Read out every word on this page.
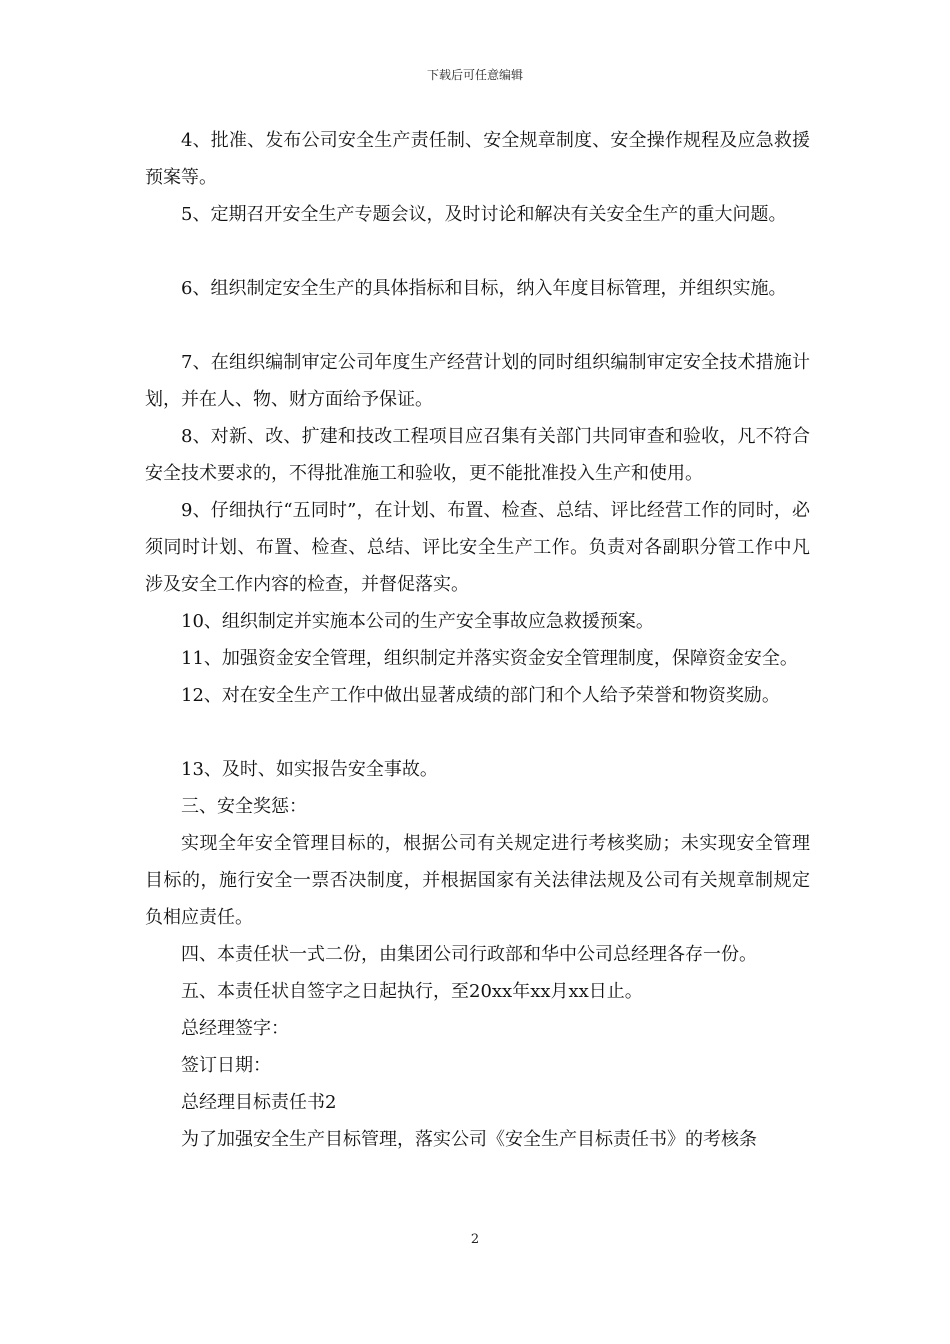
下载后可任意编辑

4、批准、发布公司安全生产责任制、安全规章制度、安全操作规程及应急救援预案等。

5、定期召开安全生产专题会议，及时讨论和解决有关安全生产的重大问题。

6、组织制定安全生产的具体指标和目标，纳入年度目标管理，并组织实施。

7、在组织编制审定公司年度生产经营计划的同时组织编制审定安全技术措施计划，并在人、物、财方面给予保证。

8、对新、改、扩建和技改工程项目应召集有关部门共同审查和验收，凡不符合安全技术要求的，不得批准施工和验收，更不能批准投入生产和使用。

9、仔细执行“五同时”，在计划、布置、检查、总结、评比经营工作的同时，必须同时计划、布置、检查、总结、评比安全生产工作。负责对各副职分管工作中凡涉及安全工作内容的检查，并督促落实。

10、组织制定并实施本公司的生产安全事故应急救援预案。

11、加强资金安全管理，组织制定并落实资金安全管理制度，保障资金安全。

12、对在安全生产工作中做出显著成绩的部门和个人给予荣誉和物资奖励。

13、及时、如实报告安全事故。

三、安全奖惩：

实现全年安全管理目标的，根据公司有关规定进行考核奖励；未实现安全管理目标的，施行安全一票否决制度，并根据国家有关法律法规及公司有关规章制规定负相应责任。

四、本责任状一式二份，由集团公司行政部和华中公司总经理各存一份。

五、本责任状自签字之日起执行，至20xx年xx月xx日止。

总经理签字：

签订日期：

总经理目标责任书2

为了加强安全生产目标管理，落实公司《安全生产目标责任书》的考核条

2
